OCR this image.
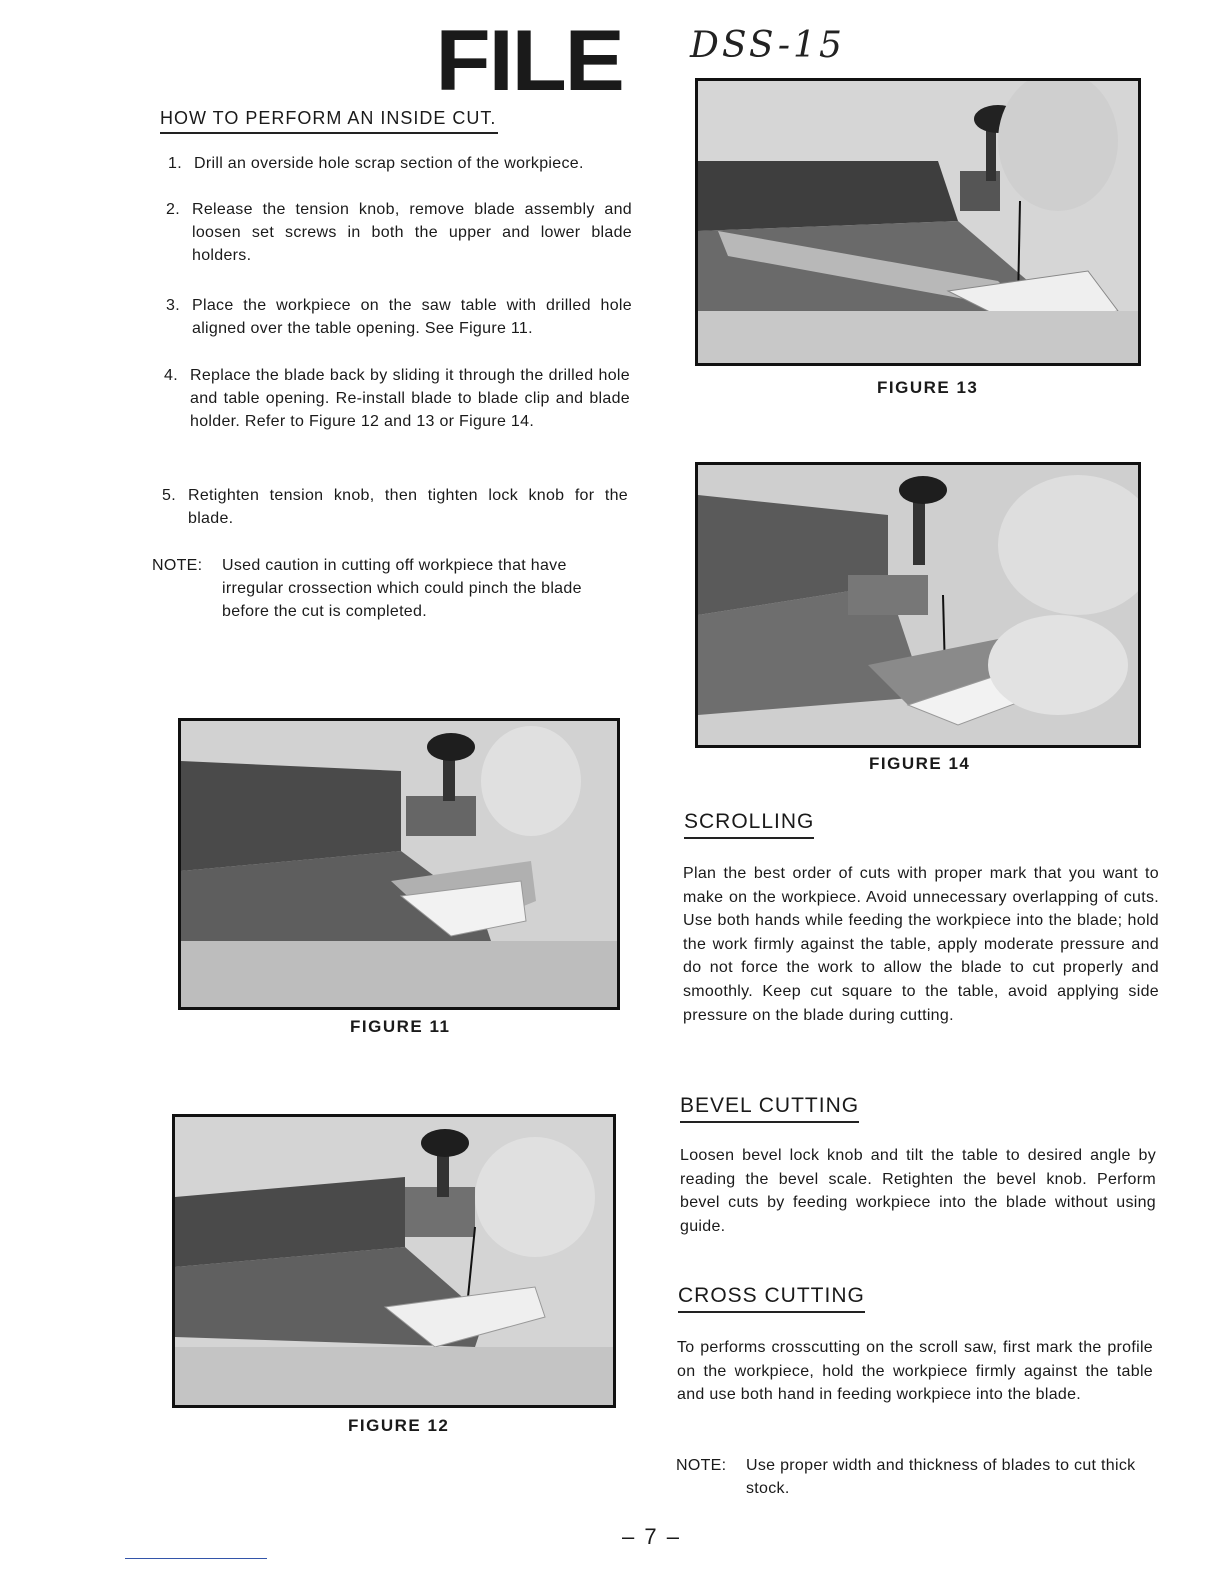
FILE DSS-15
HOW TO PERFORM AN INSIDE CUT.
1. Drill an overside hole scrap section of the workpiece.
2. Release the tension knob, remove blade assembly and loosen set screws in both the upper and lower blade holders.
3. Place the workpiece on the saw table with drilled hole aligned over the table opening. See Figure 11.
4. Replace the blade back by sliding it through the drilled hole and table opening. Re-install blade to blade clip and blade holder. Refer to Figure 12 and 13 or Figure 14.
5. Retighten tension knob, then tighten lock knob for the blade.
NOTE: Used caution in cutting off workpiece that have irregular crossection which could pinch the blade before the cut is completed.
FIGURE 13
FIGURE 14
FIGURE 11
FIGURE 12
SCROLLING
Plan the best order of cuts with proper mark that you want to make on the workpiece. Avoid unnecessary overlapping of cuts. Use both hands while feeding the workpiece into the blade; hold the work firmly against the table, apply moderate pressure and do not force the work to allow the blade to cut properly and smoothly. Keep cut square to the table, avoid applying side pressure on the blade during cutting.
BEVEL CUTTING
Loosen bevel lock knob and tilt the table to desired angle by reading the bevel scale. Retighten the bevel knob. Perform bevel cuts by feeding workpiece into the blade without using guide.
CROSS CUTTING
To performs crosscutting on the scroll saw, first mark the profile on the workpiece, hold the workpiece firmly against the table and use both hand in feeding workpiece into the blade.
NOTE: Use proper width and thickness of blades to cut thick stock.
– 7 –
